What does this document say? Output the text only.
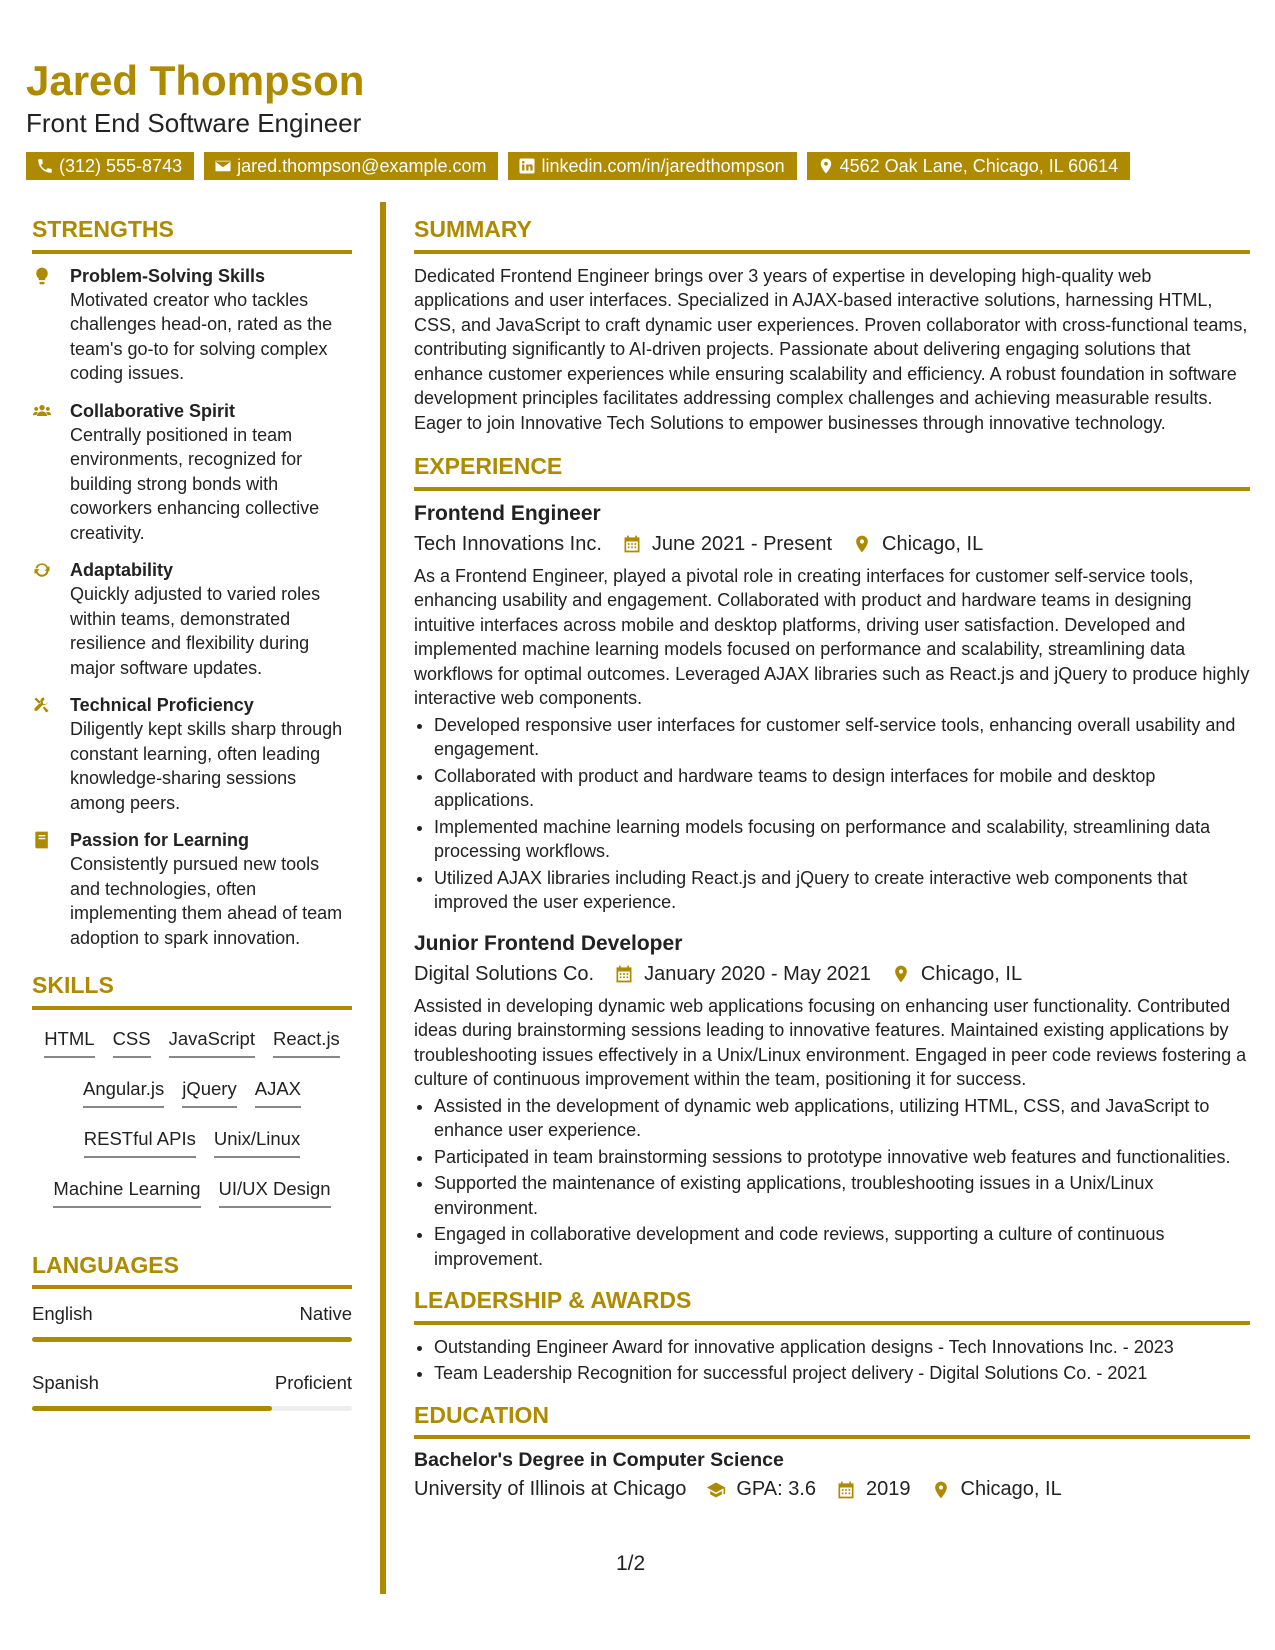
Jared Thompson
Front End Software Engineer
(312) 555-8743	jared.thompson@example.com	linkedin.com/in/jaredthompson	4562 Oak Lane, Chicago, IL 60614
STRENGTHS
Problem-Solving Skills
Motivated creator who tackles challenges head-on, rated as the team's go-to for solving complex coding issues.
Collaborative Spirit
Centrally positioned in team environments, recognized for building strong bonds with coworkers enhancing collective creativity.
Adaptability
Quickly adjusted to varied roles within teams, demonstrated resilience and flexibility during major software updates.
Technical Proficiency
Diligently kept skills sharp through constant learning, often leading knowledge-sharing sessions among peers.
Passion for Learning
Consistently pursued new tools and technologies, often implementing them ahead of team adoption to spark innovation.
SKILLS
HTML CSS JavaScript React.js
Angular.js jQuery AJAX
RESTful APIs Unix/Linux
Machine Learning UI/UX Design
LANGUAGES
English	Native
Spanish	Proficient
SUMMARY

Dedicated Frontend Engineer brings over 3 years of expertise in developing high-quality web applications and user interfaces. Specialized in AJAX-based interactive solutions, harnessing HTML, CSS, and JavaScript to craft dynamic user experiences. Proven collaborator with cross-functional teams, contributing significantly to AI-driven projects. Passionate about delivering engaging solutions that enhance customer experiences while ensuring scalability and efficiency. A robust foundation in software development principles facilitates addressing complex challenges and achieving measurable results. Eager to join Innovative Tech Solutions to empower businesses through innovative technology.

EXPERIENCE
Frontend Engineer
Tech Innovations Inc.	June 2021 - Present	Chicago, IL

As a Frontend Engineer, played a pivotal role in creating interfaces for customer self-service tools, enhancing usability and engagement. Collaborated with product and hardware teams in designing intuitive interfaces across mobile and desktop platforms, driving user satisfaction. Developed and implemented machine learning models focused on performance and scalability, streamlining data workflows for optimal outcomes. Leveraged AJAX libraries such as React.js and jQuery to produce highly interactive web components.

• Developed responsive user interfaces for customer self-service tools, enhancing overall usability and engagement.
• Collaborated with product and hardware teams to design interfaces for mobile and desktop applications.
• Implemented machine learning models focusing on performance and scalability, streamlining data processing workflows.
• Utilized AJAX libraries including React.js and jQuery to create interactive web components that improved the user experience.
Junior Frontend Developer
Digital Solutions Co.	January 2020 - May 2021	Chicago, IL

Assisted in developing dynamic web applications focusing on enhancing user functionality. Contributed ideas during brainstorming sessions leading to innovative features. Maintained existing applications by troubleshooting issues effectively in a Unix/Linux environment. Engaged in peer code reviews fostering a culture of continuous improvement within the team, positioning it for success.

• Assisted in the development of dynamic web applications, utilizing HTML, CSS, and JavaScript to enhance user experience.
• Participated in team brainstorming sessions to prototype innovative web features and functionalities.
• Supported the maintenance of existing applications, troubleshooting issues in a Unix/Linux environment.
• Engaged in collaborative development and code reviews, supporting a culture of continuous improvement.
LEADERSHIP & AWARDS
• Outstanding Engineer Award for innovative application designs - Tech Innovations Inc. - 2023
• Team Leadership Recognition for successful project delivery - Digital Solutions Co. - 2021
EDUCATION
Bachelor's Degree in Computer Science
University of Illinois at Chicago	GPA: 3.6	2019	Chicago, IL
1/2
